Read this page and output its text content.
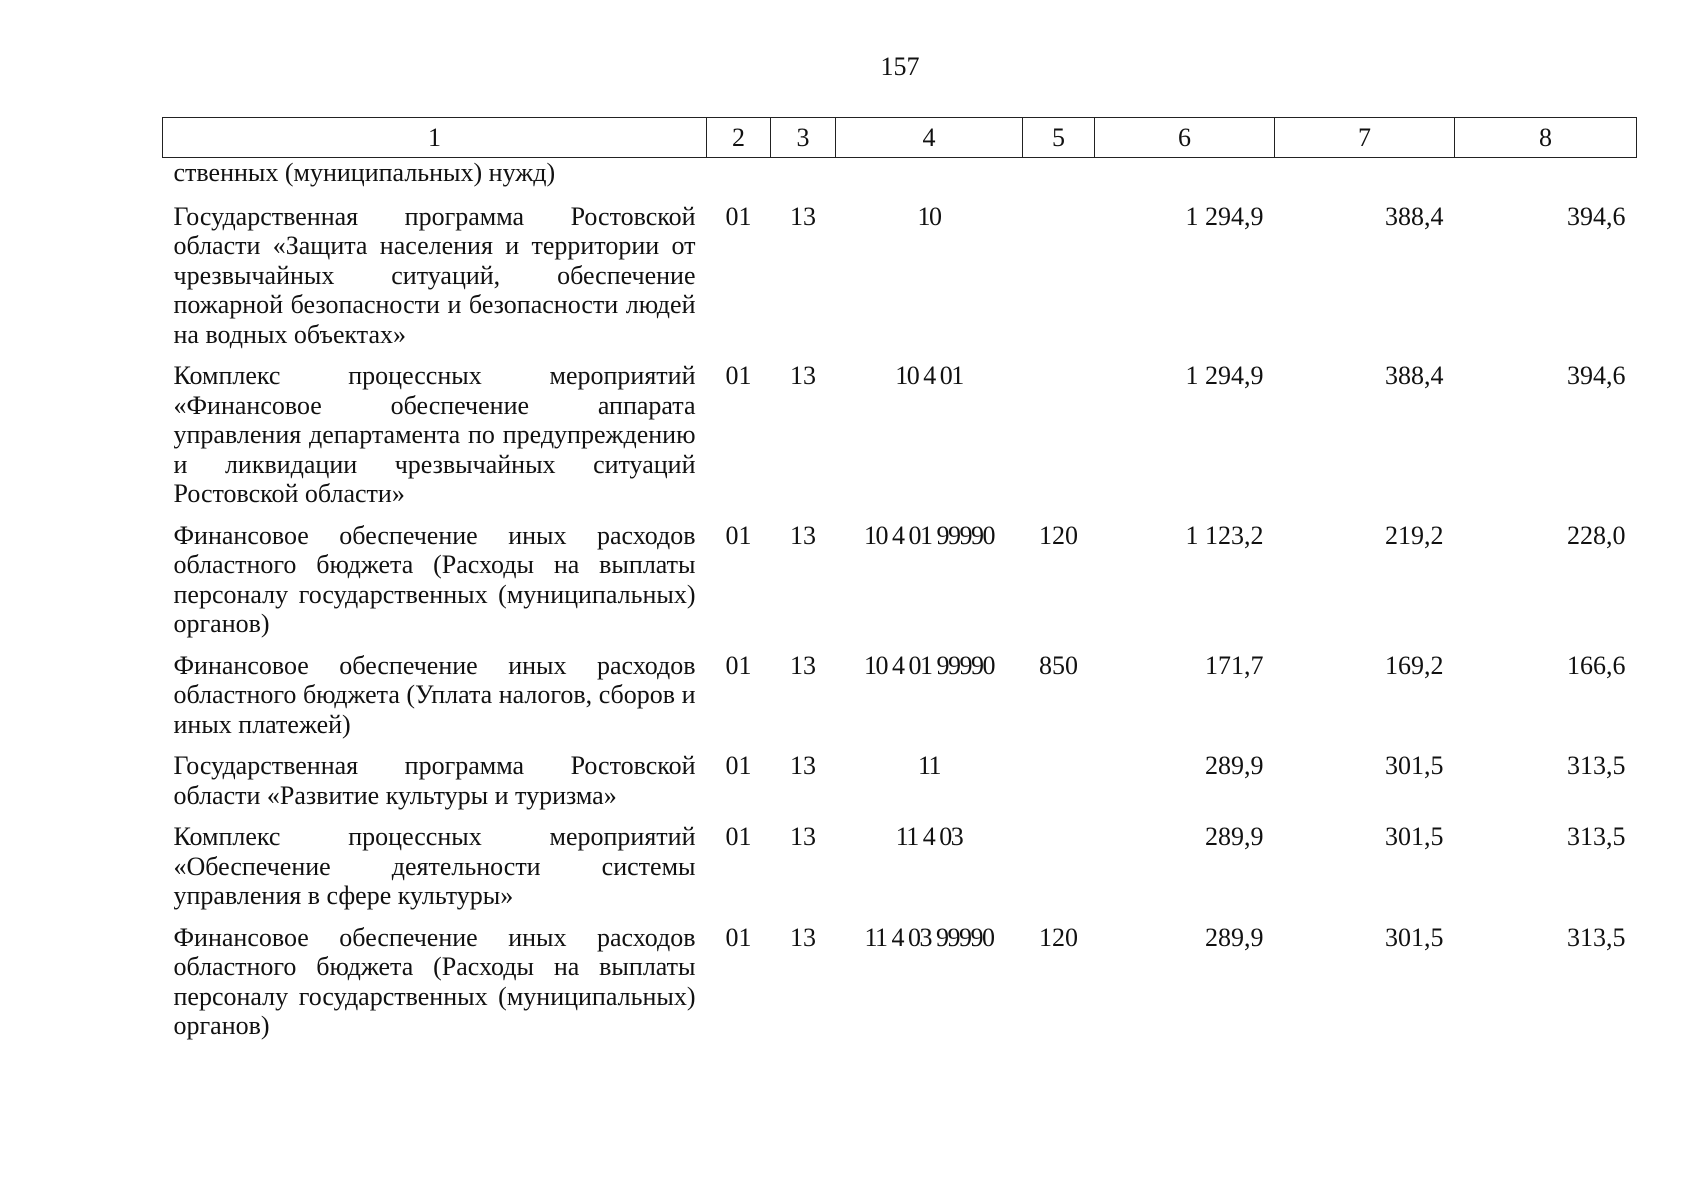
157
1	2	3	4	5	6	7	8
ственных (муниципальных) нужд)							
Государственная программа Ростовской области «Защита населения и территории от чрезвычайных ситуаций, обеспечение пожарной безопасности и безопасности людей на водных объектах»	01	13	10		1 294,9	388,4	394,6
Комплекс процессных мероприятий «Финансовое обеспечение аппарата управления департамента по предупреждению и ликвидации чрезвычайных ситуаций Ростовской области»	01	13	10 4 01		1 294,9	388,4	394,6
Финансовое обеспечение иных расходов областного бюджета (Расходы на выплаты персоналу государственных (муниципальных) органов)	01	13	10 4 01 99990	120	1 123,2	219,2	228,0
Финансовое обеспечение иных расходов областного бюджета (Уплата налогов, сборов и иных платежей)	01	13	10 4 01 99990	850	171,7	169,2	166,6
Государственная программа Ростовской области «Развитие культуры и туризма»	01	13	11		289,9	301,5	313,5
Комплекс процессных мероприятий «Обеспечение деятельности системы управления в сфере культуры»	01	13	11 4 03		289,9	301,5	313,5
Финансовое обеспечение иных расходов областного бюджета (Расходы на выплаты персоналу государственных (муниципальных) органов)	01	13	11 4 03 99990	120	289,9	301,5	313,5
